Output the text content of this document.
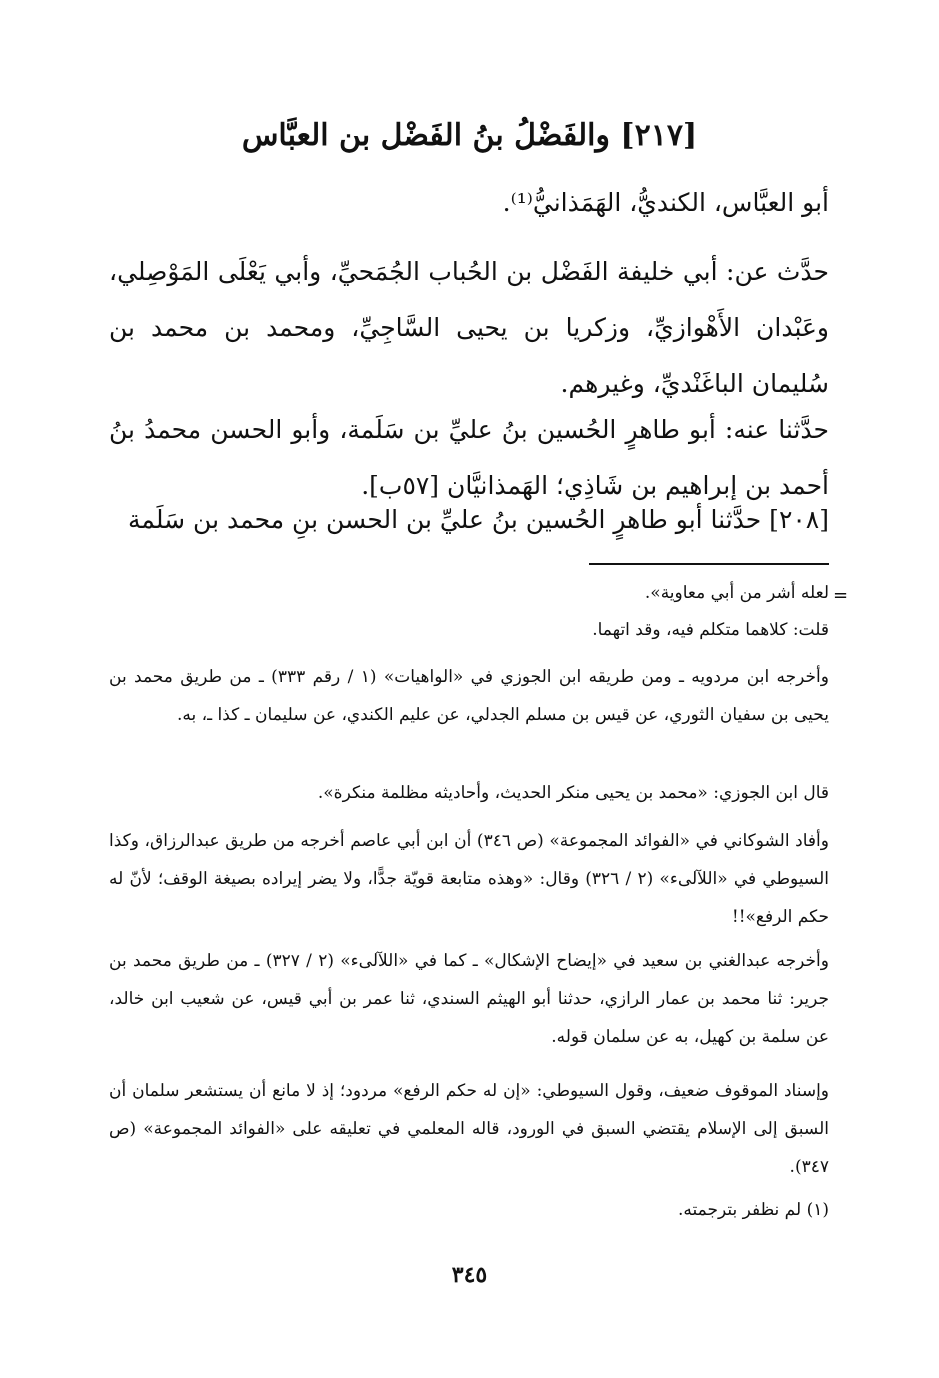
[٢١٧] والفَضْلُ بنُ الفَضْل بن العبَّاس

أبو العبَّاس، الكنديُّ، الهَمَذانيُّ⁽¹⁾.

حدَّث عن: أبي خليفة الفَضْل بن الحُباب الجُمَحيِّ، وأبي يَعْلَى المَوْصِلي، وعَبْدان الأَهْوازيِّ، وزكريا بن يحيى السَّاجِيِّ، ومحمد بن محمد بن سُليمان الباغَنْديِّ، وغيرهم.

حدَّثنا عنه: أبو طاهرٍ الحُسين بنُ عليِّ بن سَلَمة، وأبو الحسن محمدُ بنُ أحمد بن إبراهيم بن شَاذِي؛ الهَمذانيَّان [٥٧ب].

[٢٠٨] حدَّثنا أبو طاهرٍ الحُسين بنُ عليِّ بن الحسن بنِ محمد بن سَلَمة

=

لعله أشر من أبي معاوية».

قلت: كلاهما متكلم فيه، وقد اتهما.

وأخرجه ابن مردويه ـ ومن طريقه ابن الجوزي في «الواهيات» (١ / رقم ٣٣٣) ـ من طريق محمد بن يحيى بن سفيان الثوري، عن قيس بن مسلم الجدلي، عن عليم الكندي، عن سليمان ـ كذا ـ، به.

قال ابن الجوزي: «محمد بن يحيى منكر الحديث، وأحاديثه مظلمة منكرة».

وأفاد الشوكاني في «الفوائد المجموعة» (ص ٣٤٦) أن ابن أبي عاصم أخرجه من طريق عبدالرزاق، وكذا السيوطي في «اللآلىء» (٢ / ٣٢٦) وقال: «وهذه متابعة قويّة جدًّا، ولا يضر إيراده بصيغة الوقف؛ لأنّ له حكم الرفع»!!

وأخرجه عبدالغني بن سعيد في «إيضاح الإشكال» ـ كما في «اللآلىء» (٢ / ٣٢٧) ـ من طريق محمد بن جرير: ثنا محمد بن عمار الرازي، حدثنا أبو الهيثم السندي، ثنا عمر بن أبي قيس، عن شعيب ابن خالد، عن سلمة بن كهيل، به عن سلمان قوله.

وإسناد الموقوف ضعيف، وقول السيوطي: «إن له حكم الرفع» مردود؛ إذ لا مانع أن يستشعر سلمان أن السبق إلى الإسلام يقتضي السبق في الورود، قاله المعلمي في تعليقه على «الفوائد المجموعة» (ص ٣٤٧).

(١) لم نظفر بترجمته.

٣٤٥
